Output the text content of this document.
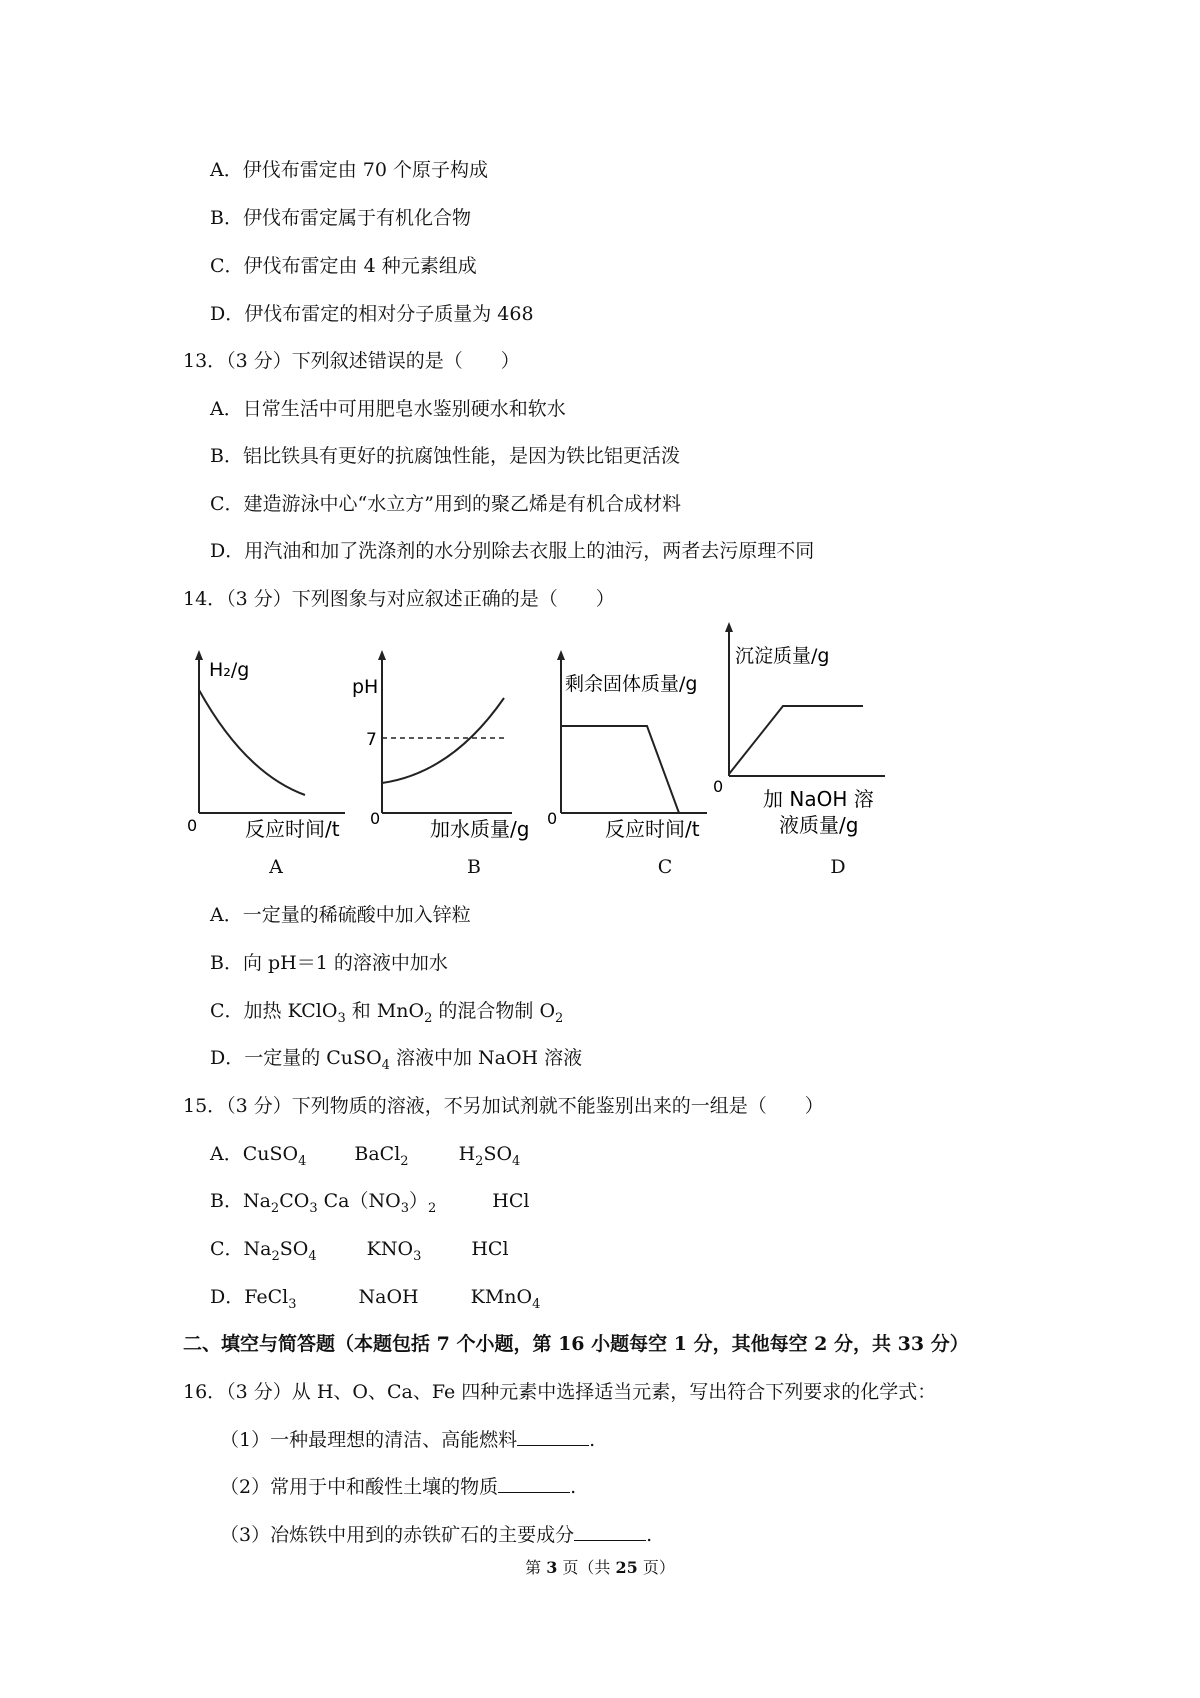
A．伊伐布雷定由 70 个原子构成
B．伊伐布雷定属于有机化合物
C．伊伐布雷定由 4 种元素组成
D．伊伐布雷定的相对分子质量为 468
13．（3 分）下列叙述错误的是（　　）
A．日常生活中可用肥皂水鉴别硬水和软水
B．铝比铁具有更好的抗腐蚀性能，是因为铁比铝更活泼
C．建造游泳中心“水立方”用到的聚乙烯是有机合成材料
D．用汽油和加了洗涤剂的水分别除去衣服上的油污，两者去污原理不同
14．（3 分）下列图象与对应叙述正确的是（　　）
H₂/g
0 反应时间/t
A
pH
7
0 加水质量/g
B
剩余固体质量/g
0 反应时间/t
C
沉淀质量/g
0
加 NaOH 溶
液质量/g
D
A．一定量的稀硫酸中加入锌粒
B．向 pH＝1 的溶液中加水
C．加热 KClO$_3$ 和 MnO$_2$ 的混合物制 $O_2$
D．一定量的 CuSO$_4$ 溶液中加 NaOH 溶液
15．（3 分）下列物质的溶液，不另加试剂就不能鉴别出来的一组是（　　）
A．CuSO$_4$	BaCl$_2$	$H_2SO_4$
B．$Na_2CO_3$ $Ca(NO_3)_2$	HCl
C．$Na_2SO_4$	$KNO_3$	HCl
D．FeCl$_3$	NaOH	KMnO$_4$
二、填空与简答题（本题包括 7 个小题，第 16 小题每空 1 分，其他每空 2 分，共 33 分）
16．（3 分）从 H、O、Ca、Fe 四种元素中选择适当元素，写出符合下列要求的化学式：
（1）一种最理想的清洁、高能燃料	.
（2）常用于中和酸性土壤的物质	.
（3）冶炼铁中用到的赤铁矿石的主要成分	.
第 3 页（共 25 页）
